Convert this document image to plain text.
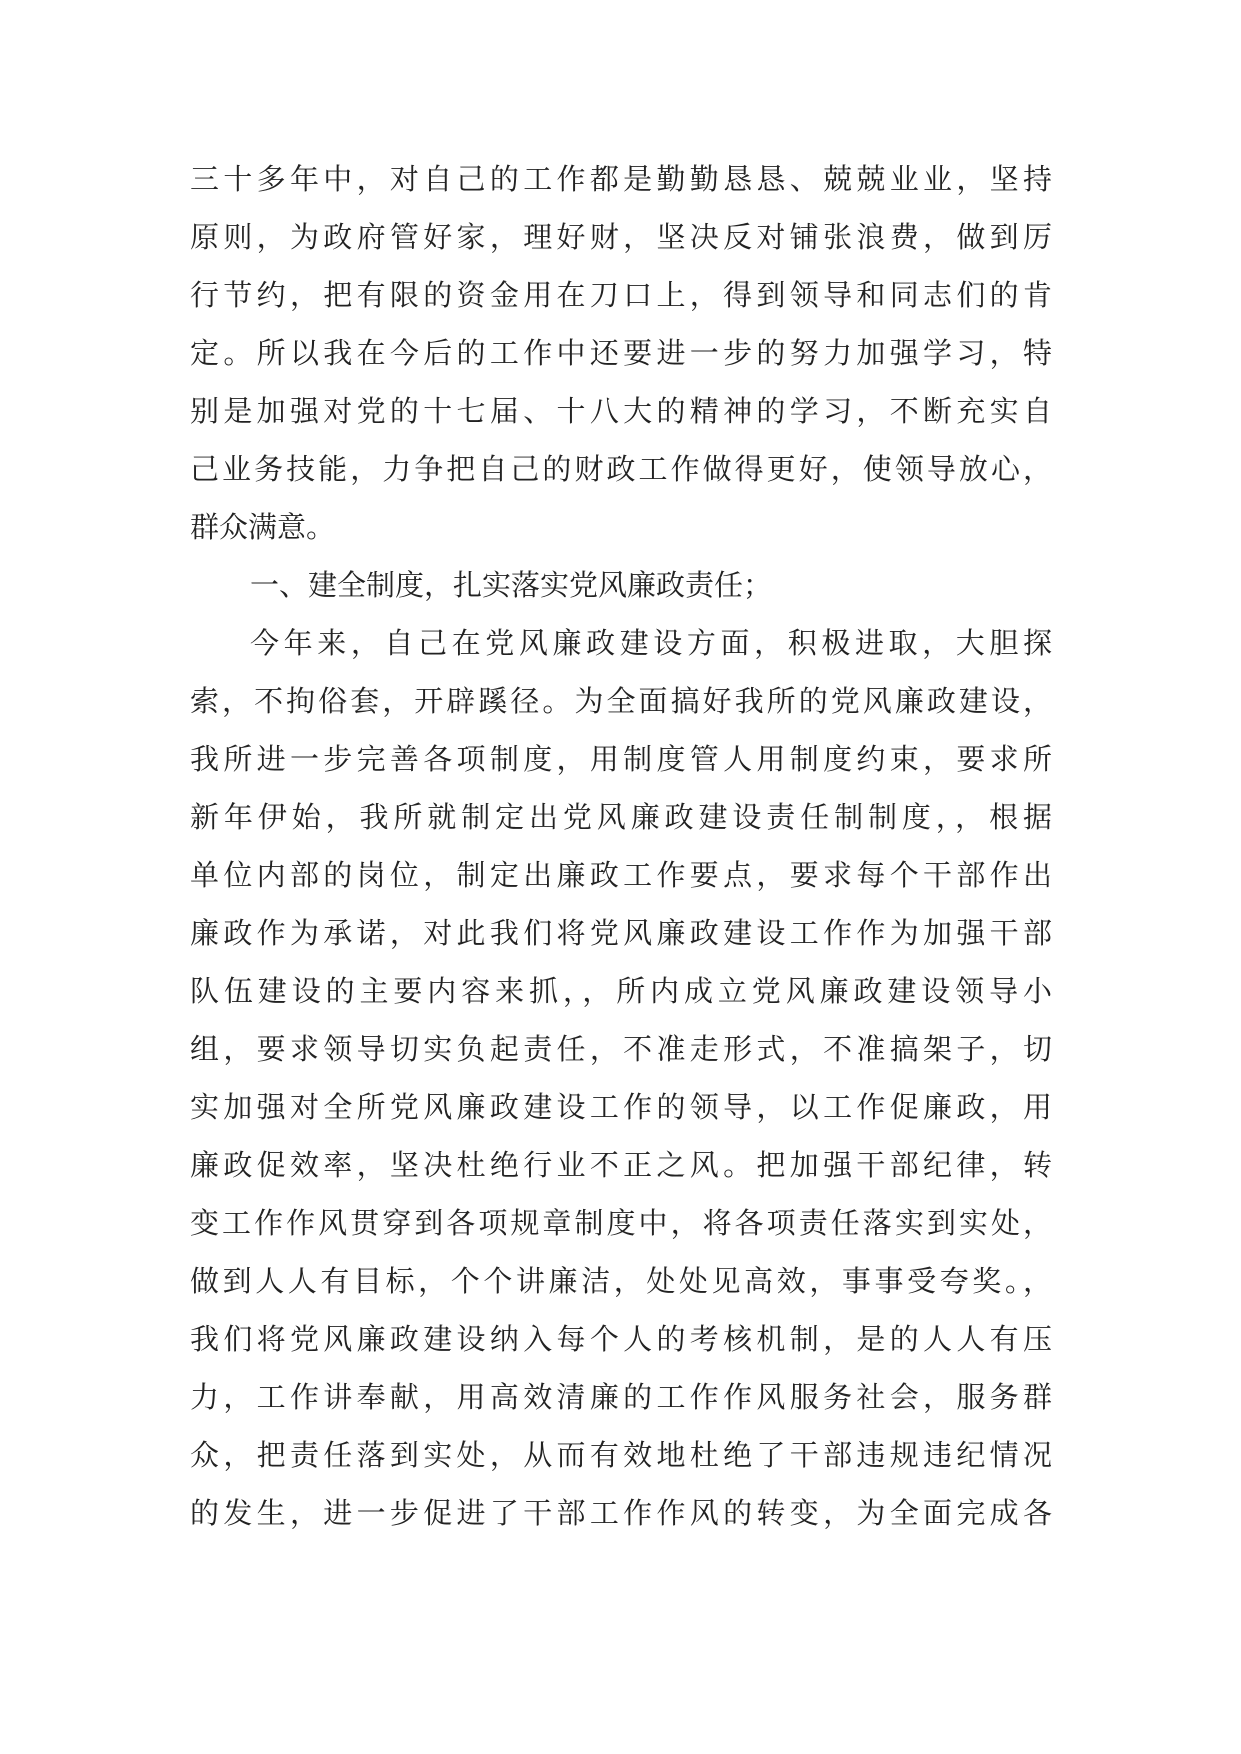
三十多年中，对自己的工作都是勤勤恳恳、兢兢业业，坚持
原则，为政府管好家，理好财，坚决反对铺张浪费，做到厉
行节约，把有限的资金用在刀口上，得到领导和同志们的肯
定。所以我在今后的工作中还要进一步的努力加强学习，特
别是加强对党的十七届、十八大的精神的学习，不断充实自
己业务技能，力争把自己的财政工作做得更好，使领导放心，
群众满意。
一、建全制度，扎实落实党风廉政责任；
今年来，自己在党风廉政建设方面，积极进取，大胆探
索，不拘俗套，开辟蹊径。为全面搞好我所的党风廉政建设，
我所进一步完善各项制度，用制度管人用制度约束，要求所
新年伊始，我所就制定出党风廉政建设责任制制度，，根据
单位内部的岗位，制定出廉政工作要点，要求每个干部作出
廉政作为承诺，对此我们将党风廉政建设工作作为加强干部
队伍建设的主要内容来抓，，所内成立党风廉政建设领导小
组，要求领导切实负起责任，不准走形式，不准搞架子，切
实加强对全所党风廉政建设工作的领导，以工作促廉政，用
廉政促效率，坚决杜绝行业不正之风。把加强干部纪律，转
变工作作风贯穿到各项规章制度中，将各项责任落实到实处，
做到人人有目标，个个讲廉洁，处处见高效，事事受夸奖。，
我们将党风廉政建设纳入每个人的考核机制，是的人人有压
力，工作讲奉献，用高效清廉的工作作风服务社会，服务群
众，把责任落到实处，从而有效地杜绝了干部违规违纪情况
的发生，进一步促进了干部工作作风的转变，为全面完成各
